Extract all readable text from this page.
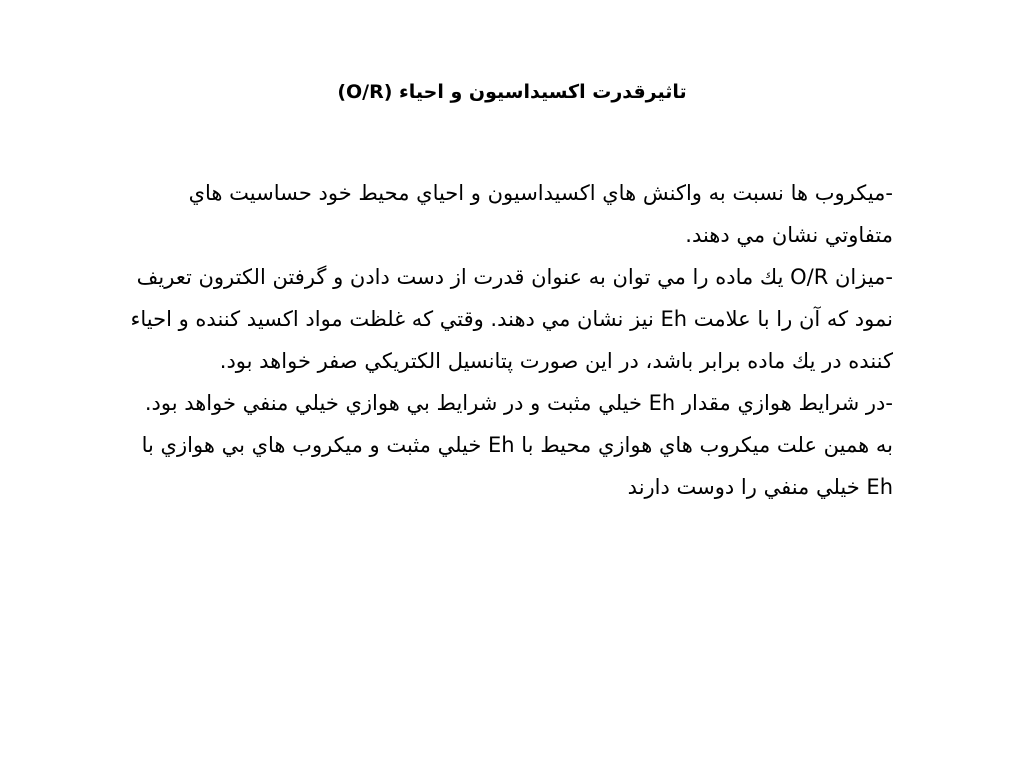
تاثیرقدرت اکسیداسیون و احیاء (O/R)

-میکروب ها نسبت به واکنش هاي اکسیداسیون و احیاي محیط خود حساسیت هاي متفاوتي نشان مي دهند.

-میزان O/R یك ماده را مي توان به عنوان قدرت از دست دادن و گرفتن الکترون تعریف نمود که آن را با علامت Eh نیز نشان مي دهند. وقتي که غلظت مواد اکسید کننده و احیاء کننده در یك ماده برابر باشد، در این صورت پتانسیل الکتریکي صفر خواهد بود.

-در شرایط هوازي مقدار Eh خیلي مثبت و در شرایط بي هوازي خیلي منفي خواهد بود. به همین علت میکروب هاي هوازي محیط با Eh خیلي مثبت و میکروب هاي بي هوازي با Eh خیلي منفي را دوست دارند
